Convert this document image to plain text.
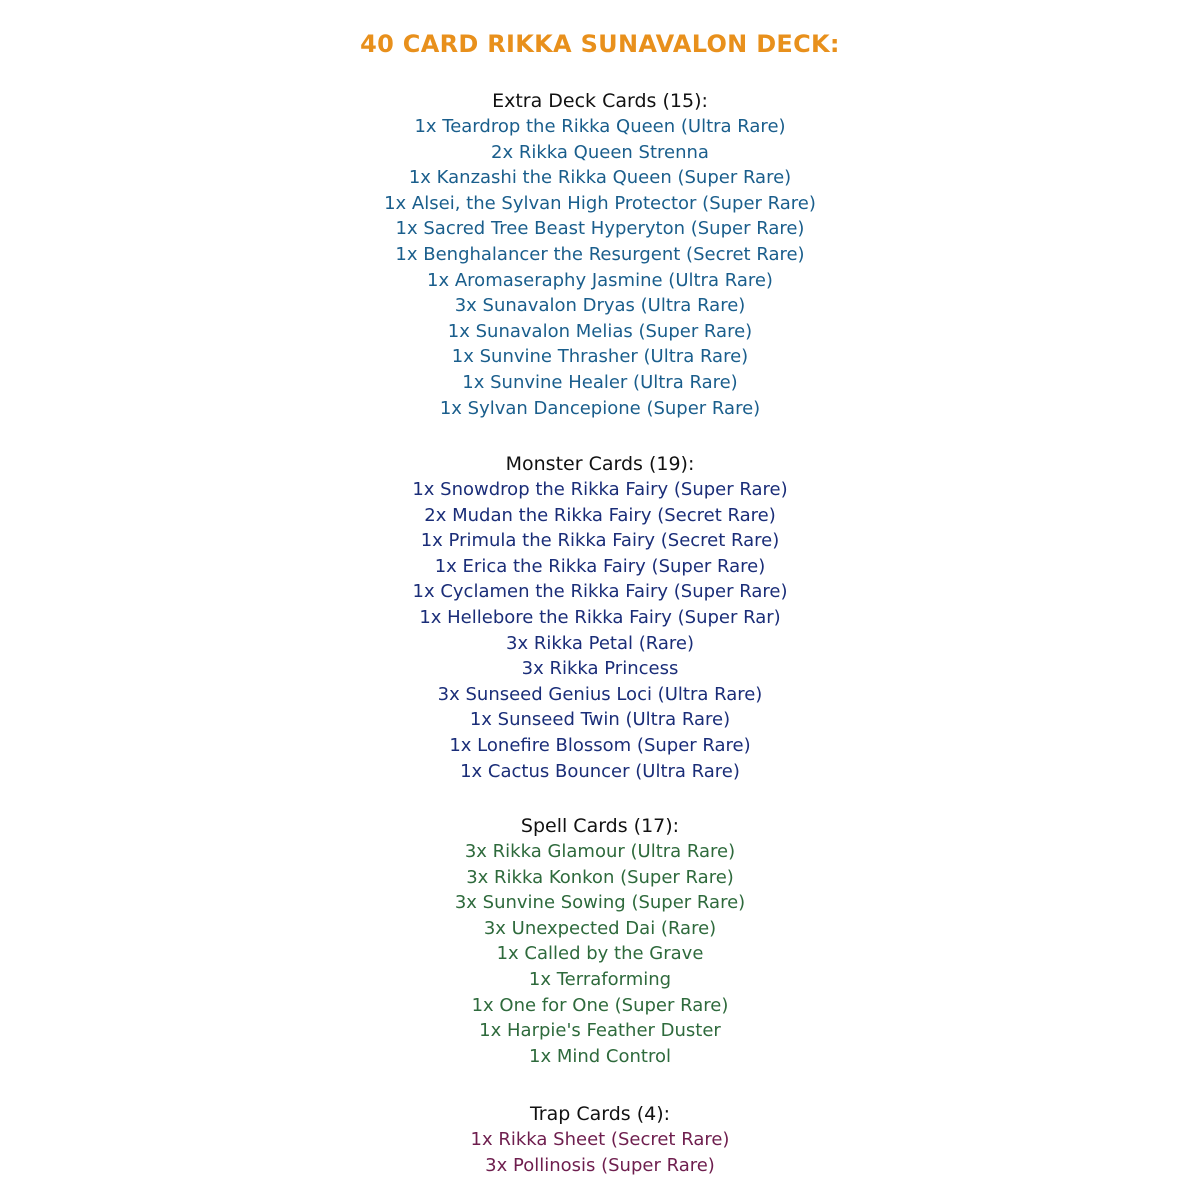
40 CARD RIKKA SUNAVALON DECK:
Extra Deck Cards (15):
1x Teardrop the Rikka Queen (Ultra Rare)
2x Rikka Queen Strenna
1x Kanzashi the Rikka Queen (Super Rare)
1x Alsei, the Sylvan High Protector (Super Rare)
1x Sacred Tree Beast Hyperyton (Super Rare)
1x Benghalancer the Resurgent (Secret Rare)
1x Aromaseraphy Jasmine (Ultra Rare)
3x Sunavalon Dryas (Ultra Rare)
1x Sunavalon Melias (Super Rare)
1x Sunvine Thrasher (Ultra Rare)
1x Sunvine Healer (Ultra Rare)
1x Sylvan Dancepione (Super Rare)
Monster Cards (19):
1x Snowdrop the Rikka Fairy (Super Rare)
2x Mudan the Rikka Fairy (Secret Rare)
1x Primula the Rikka Fairy (Secret Rare)
1x Erica the Rikka Fairy (Super Rare)
1x Cyclamen the Rikka Fairy (Super Rare)
1x Hellebore the Rikka Fairy (Super Rar)
3x Rikka Petal (Rare)
3x Rikka Princess
3x Sunseed Genius Loci (Ultra Rare)
1x Sunseed Twin (Ultra Rare)
1x Lonefire Blossom (Super Rare)
1x Cactus Bouncer (Ultra Rare)
Spell Cards (17):
3x Rikka Glamour (Ultra Rare)
3x Rikka Konkon (Super Rare)
3x Sunvine Sowing (Super Rare)
3x Unexpected Dai (Rare)
1x Called by the Grave
1x Terraforming
1x One for One (Super Rare)
1x Harpie's Feather Duster
1x Mind Control
Trap Cards (4):
1x Rikka Sheet (Secret Rare)
3x Pollinosis (Super Rare)
